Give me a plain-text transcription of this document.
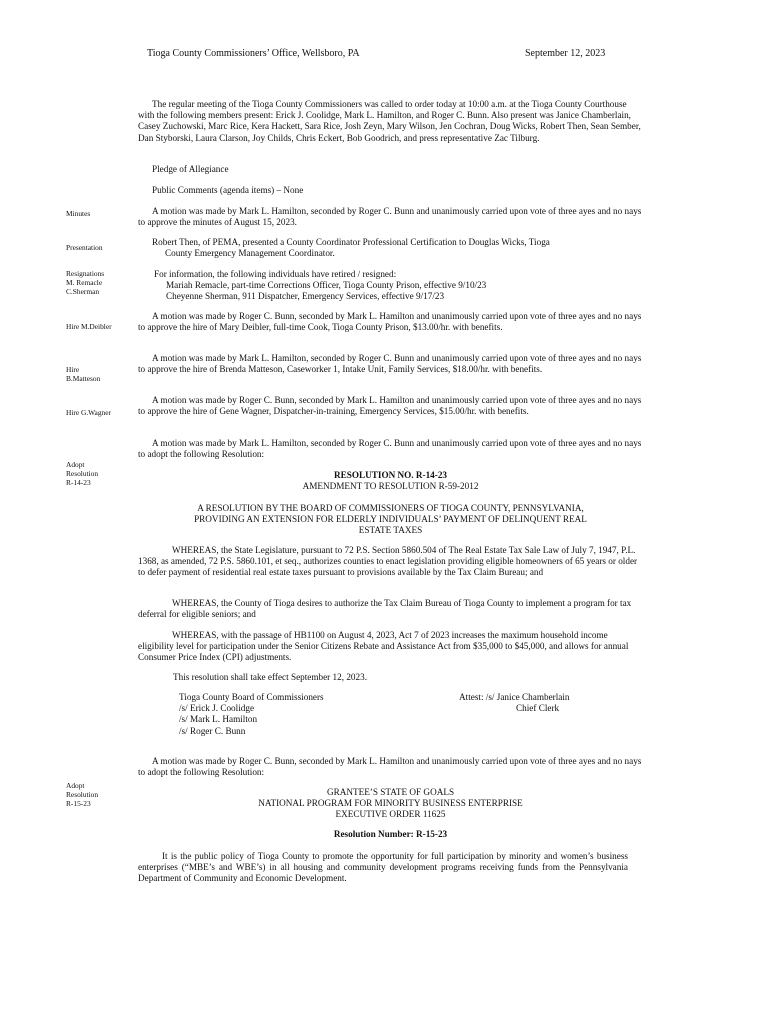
Tioga County Commissioners’ Office, Wellsboro, PA	September 12, 2023

The regular meeting of the Tioga County Commissioners was called to order today at 10:00 a.m. at the Tioga County Courthouse with the following members present: Erick J. Coolidge, Mark L. Hamilton, and Roger C. Bunn. Also present was Janice Chamberlain, Casey Zuchowski, Marc Rice, Kera Hackett, Sara Rice, Josh Zeyn, Mary Wilson, Jen Cochran, Doug Wicks, Robert Then, Sean Sember, Dan Styborski, Laura Clarson, Joy Childs, Chris Eckert, Bob Goodrich, and press representative Zac Tilburg.

Pledge of Allegiance

Public Comments (agenda items) – None

Minutes	A motion was made by Mark L. Hamilton, seconded by Roger C. Bunn and unanimously carried upon vote of three ayes and no nays to approve the minutes of August 15, 2023.

Presentation
Robert Then, of PEMA, presented a County Coordinator Professional Certification to Douglas Wicks, Tioga
County Emergency Management Coordinator.
Resignations
M. Remacle
C.Sherman
For information, the following individuals have retired / resigned:
Mariah Remacle, part-time Corrections Officer, Tioga County Prison, effective 9/10/23
Cheyenne Sherman, 911 Dispatcher, Emergency Services, effective 9/17/23
Hire M.Deibler

A motion was made by Roger C. Bunn, seconded by Mark L. Hamilton and unanimously carried upon vote of three ayes and no nays to approve the hire of Mary Deibler, full-time Cook, Tioga County Prison, $13.00/hr. with benefits.

Hire
B.Matteson

A motion was made by Mark L. Hamilton, seconded by Roger C. Bunn and unanimously carried upon vote of three ayes and no nays to approve the hire of Brenda Matteson, Caseworker 1, Intake Unit, Family Services, $18.00/hr. with benefits.

Hire G.Wagner

A motion was made by Roger C. Bunn, seconded by Mark L. Hamilton and unanimously carried upon vote of three ayes and no nays to approve the hire of Gene Wagner, Dispatcher-in-training, Emergency Services, $15.00/hr. with benefits.

Adopt
Resolution
R-14-23

A motion was made by Mark L. Hamilton, seconded by Roger C. Bunn and unanimously carried upon vote of three ayes and no nays to adopt the following Resolution:

RESOLUTION NO. R-14-23
AMENDMENT TO RESOLUTION R-59-2012
A RESOLUTION BY THE BOARD OF COMMISSIONERS OF TIOGA COUNTY, PENNSYLVANIA,
PROVIDING AN EXTENSION FOR ELDERLY INDIVIDUALS’ PAYMENT OF DELINQUENT REAL
ESTATE TAXES

WHEREAS, the State Legislature, pursuant to 72 P.S. Section 5860.504 of The Real Estate Tax Sale Law of July 7, 1947, P.L. 1368, as amended, 72 P.S. 5860.101, et seq., authorizes counties to enact legislation providing eligible homeowners of 65 years or older to defer payment of residential real estate taxes pursuant to provisions available by the Tax Claim Bureau; and

WHEREAS, the County of Tioga desires to authorize the Tax Claim Bureau of Tioga County to implement a program for tax deferral for eligible seniors; and

WHEREAS, with the passage of HB1100 on August 4, 2023, Act 7 of 2023 increases the maximum household income eligibility level for participation under the Senior Citizens Rebate and Assistance Act from $35,000 to $45,000, and allows for annual Consumer Price Index (CPI) adjustments.

This resolution shall take effect September 12, 2023.

Tioga County Board of Commissioners
/s/ Erick J. Coolidge
/s/ Mark L. Hamilton
/s/ Roger C. Bunn
Attest: /s/ Janice Chamberlain
Chief Clerk
Adopt
Resolution
R-15-23

A motion was made by Roger C. Bunn, seconded by Mark L. Hamilton and unanimously carried upon vote of three ayes and no nays to adopt the following Resolution:

GRANTEE’S STATE OF GOALS
NATIONAL PROGRAM FOR MINORITY BUSINESS ENTERPRISE
EXECUTIVE ORDER 11625
Resolution Number: R-15-23

It is the public policy of Tioga County to promote the opportunity for full participation by minority and women’s business enterprises (“MBE’s and WBE’s) in all housing and community development programs receiving funds from the Pennsylvania Department of Community and Economic Development.
